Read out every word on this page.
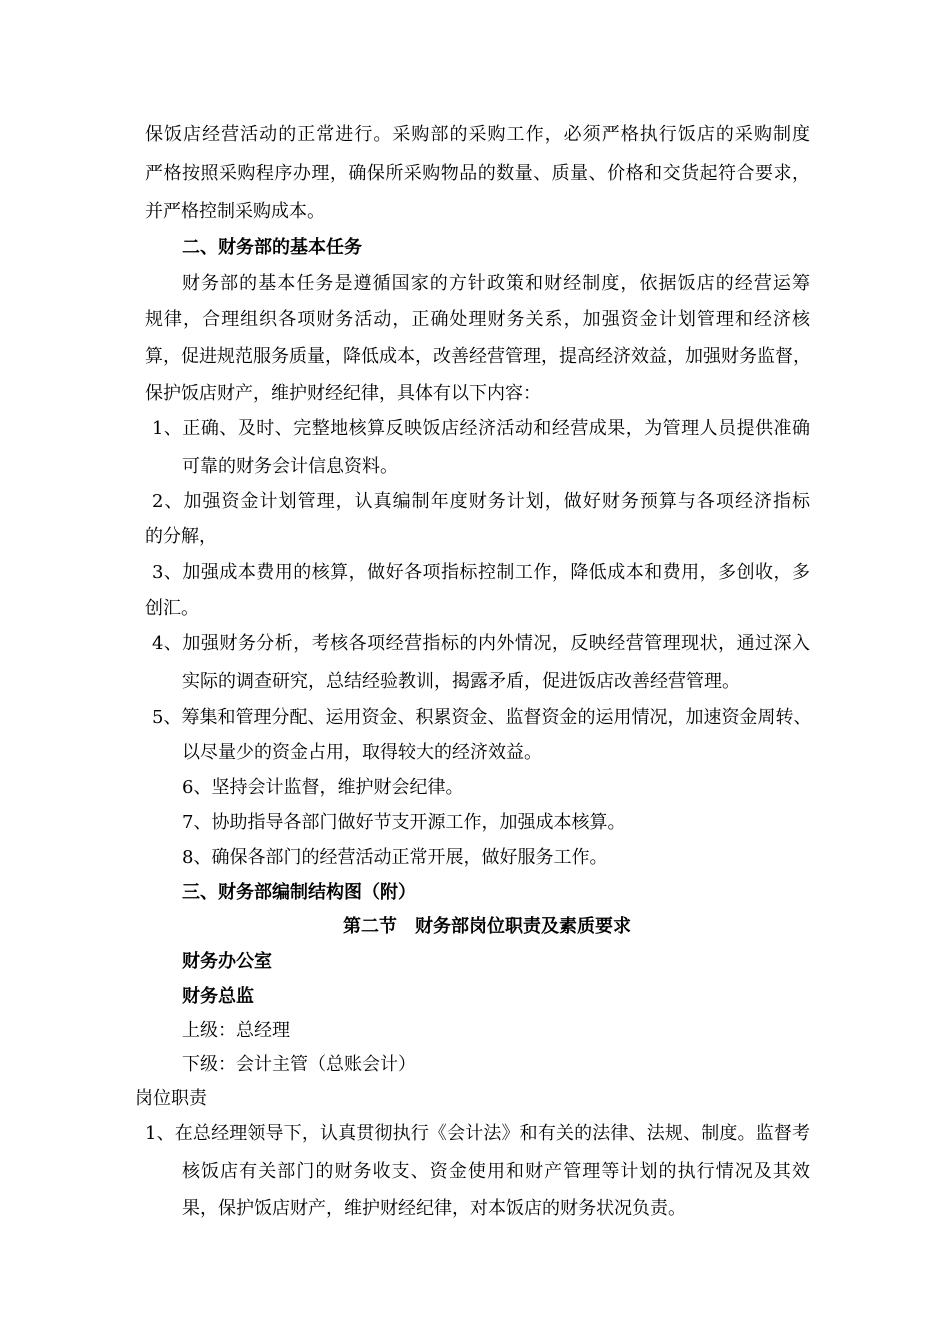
保饭店经营活动的正常进行。采购部的采购工作，必须严格执行饭店的采购制度
严格按照采购程序办理，确保所采购物品的数量、质量、价格和交货起符合要求，
并严格控制采购成本。
二、财务部的基本任务
财务部的基本任务是遵循国家的方针政策和财经制度，依据饭店的经营运筹
规律，合理组织各项财务活动，正确处理财务关系，加强资金计划管理和经济核
算，促进规范服务质量，降低成本，改善经营管理，提高经济效益，加强财务监督，
保护饭店财产，维护财经纪律，具体有以下内容：
1、正确、及时、完整地核算反映饭店经济活动和经营成果，为管理人员提供准确
可靠的财务会计信息资料。
2、加强资金计划管理，认真编制年度财务计划，做好财务预算与各项经济指标
的分解，
3、加强成本费用的核算，做好各项指标控制工作，降低成本和费用，多创收，多
创汇。
4、加强财务分析，考核各项经营指标的内外情况，反映经营管理现状，通过深入
实际的调查研究，总结经验教训，揭露矛盾，促进饭店改善经营管理。
5、筹集和管理分配、运用资金、积累资金、监督资金的运用情况，加速资金周转、
以尽量少的资金占用，取得较大的经济效益。
6、坚持会计监督，维护财会纪律。
7、协助指导各部门做好节支开源工作，加强成本核算。
8、确保各部门的经营活动正常开展，做好服务工作。
三、财务部编制结构图（附）
第二节　财务部岗位职责及素质要求
财务办公室
财务总监
上级：总经理
下级：会计主管（总账会计）
岗位职责
1、在总经理领导下，认真贯彻执行《会计法》和有关的法律、法规、制度。监督考
核饭店有关部门的财务收支、资金使用和财产管理等计划的执行情况及其效
果，保护饭店财产，维护财经纪律，对本饭店的财务状况负责。
